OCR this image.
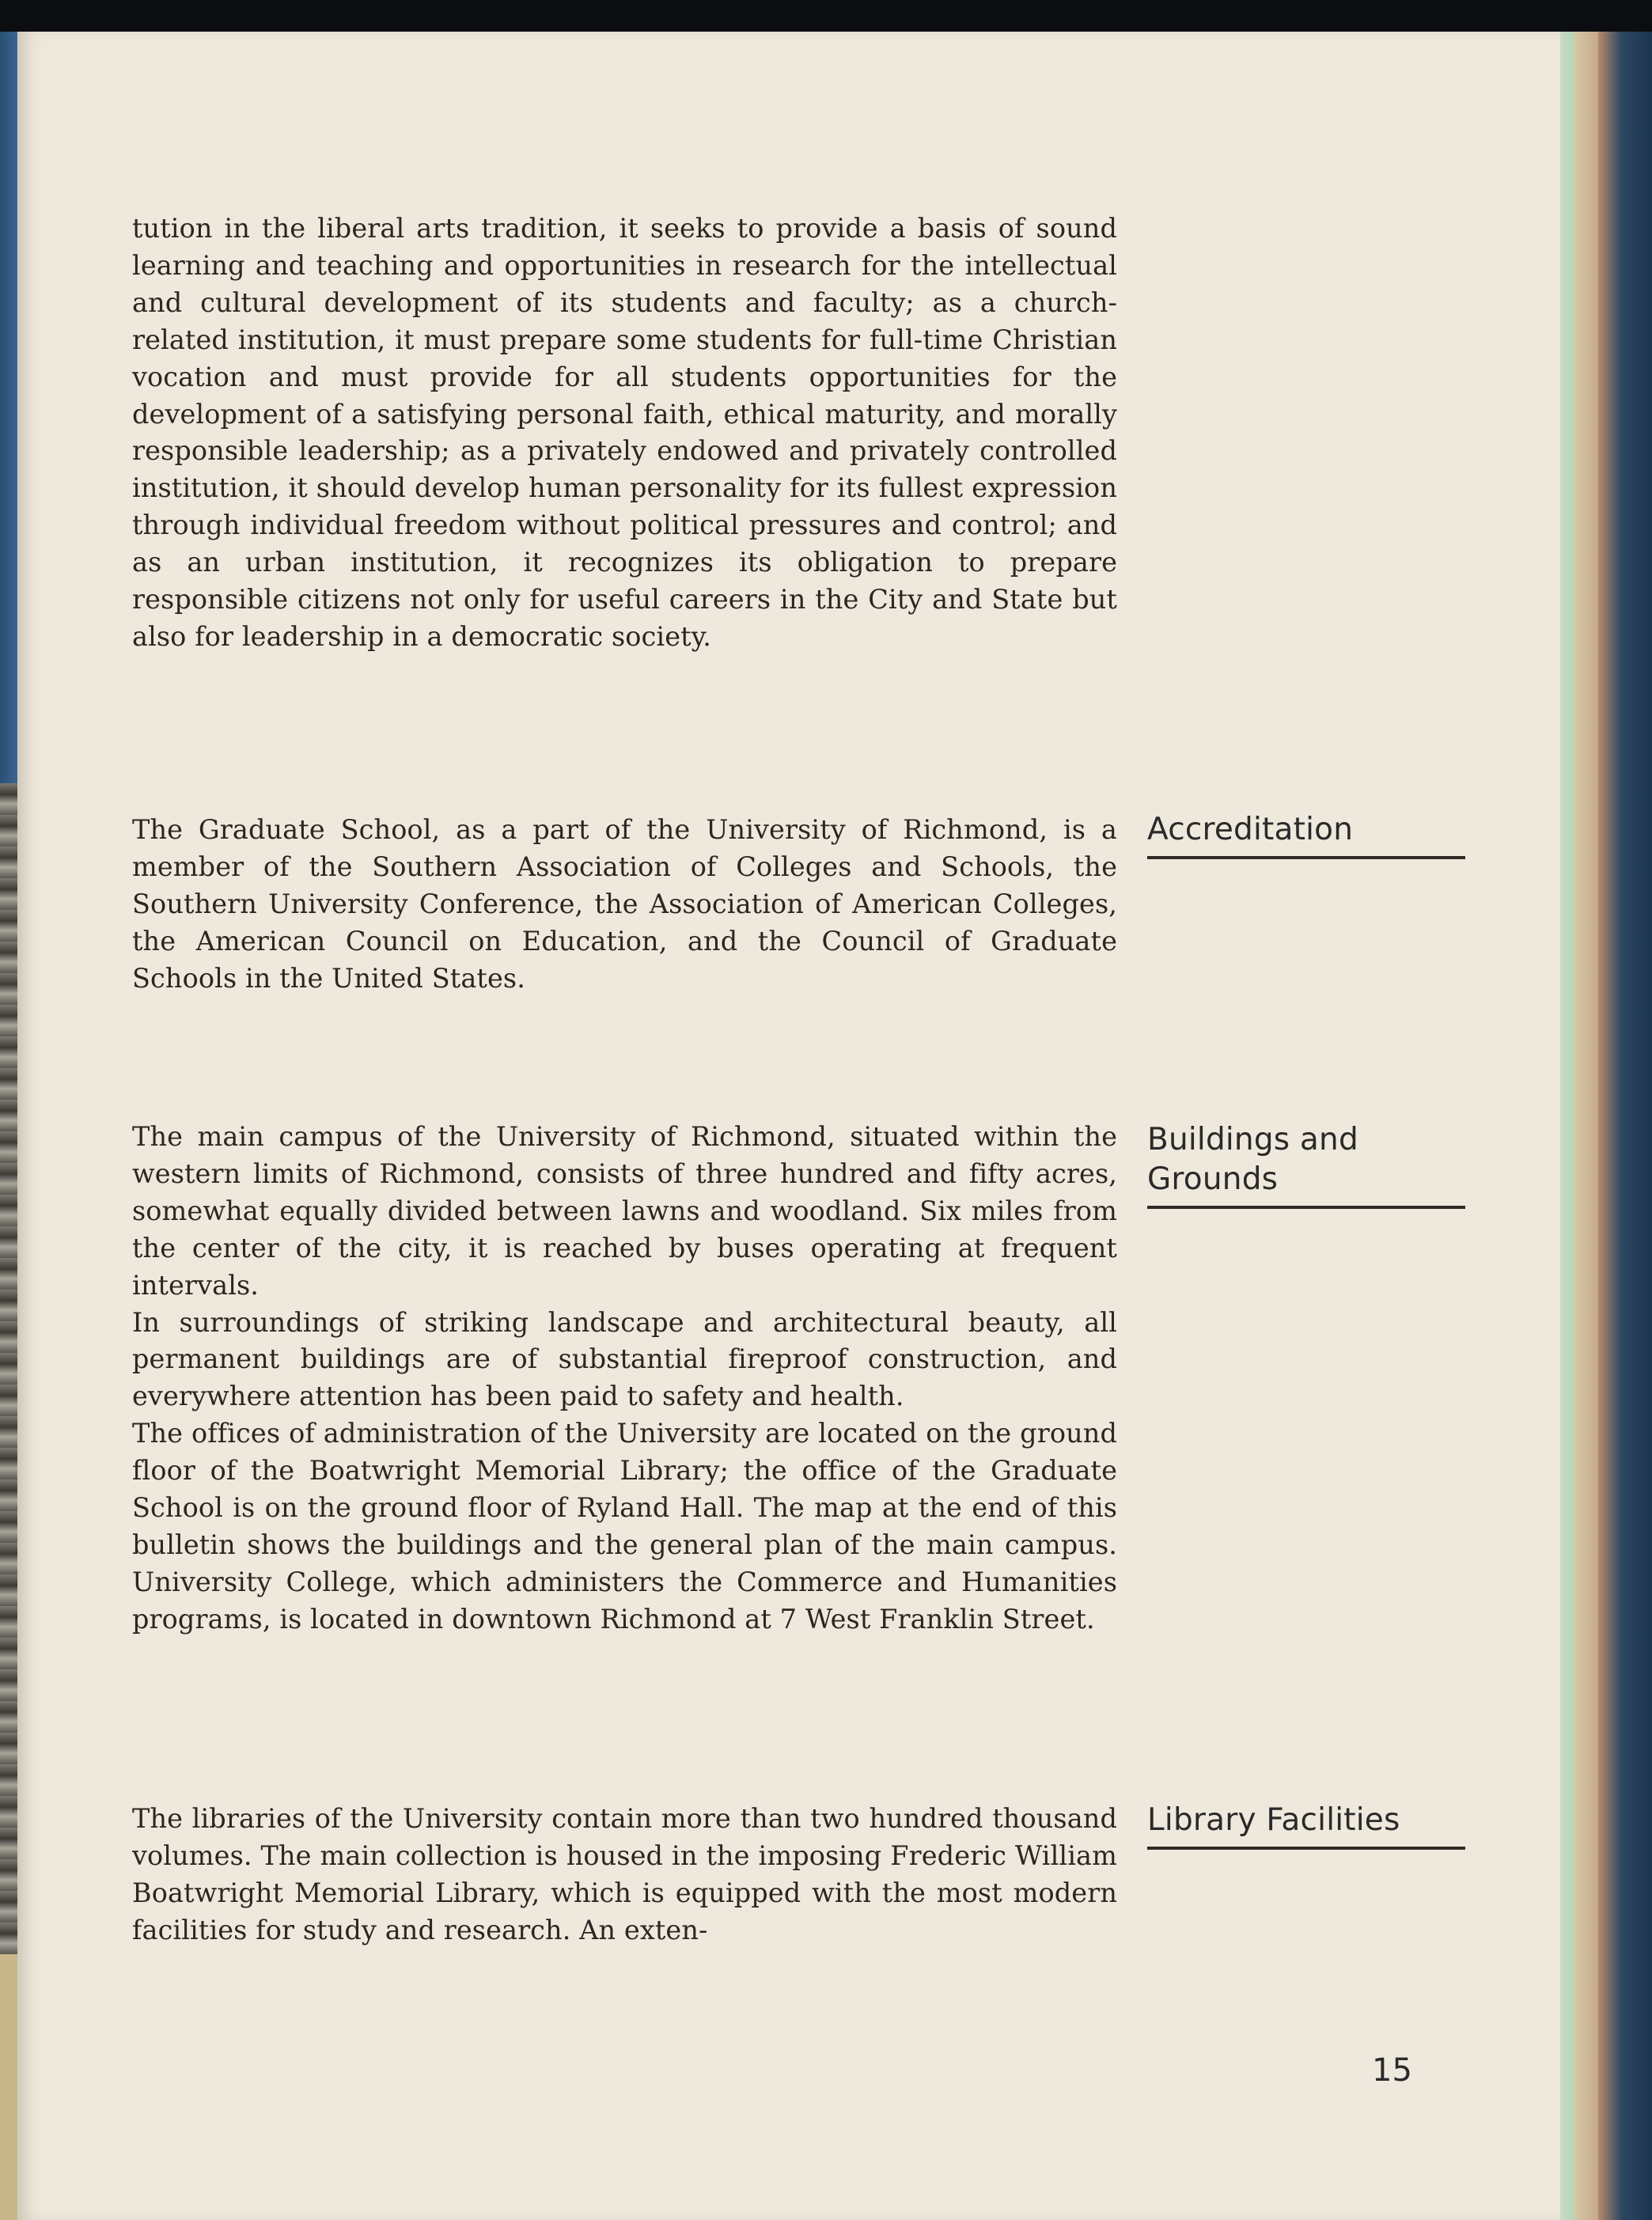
tution in the liberal arts tradition, it seeks to provide a basis of sound learning and teaching and opportunities in research for the intellectual and cultural development of its students and faculty; as a church-related institution, it must prepare some students for full-time Christian vocation and must provide for all students opportunities for the development of a satisfying personal faith, ethical maturity, and morally responsible leadership; as a privately endowed and privately controlled institution, it should develop human personality for its fullest expression through individual freedom without political pressures and control; and as an urban institution, it recognizes its obligation to prepare responsible citizens not only for useful careers in the City and State but also for leadership in a democratic society.

The Graduate School, as a part of the University of Richmond, is a member of the Southern Association of Colleges and Schools, the Southern University Conference, the Association of American Colleges, the American Council on Education, and the Council of Graduate Schools in the United States.

Accreditation

The main campus of the University of Richmond, situated within the western limits of Richmond, consists of three hundred and fifty acres, somewhat equally divided between lawns and woodland. Six miles from the center of the city, it is reached by buses operating at frequent intervals.

In surroundings of striking landscape and architectural beauty, all permanent buildings are of substantial fireproof construction, and everywhere attention has been paid to safety and health.

The offices of administration of the University are located on the ground floor of the Boatwright Memorial Library; the office of the Graduate School is on the ground floor of Ryland Hall. The map at the end of this bulletin shows the buildings and the general plan of the main campus. University College, which administers the Commerce and Humanities programs, is located in downtown Richmond at 7 West Franklin Street.

Buildings and
Grounds

The libraries of the University contain more than two hundred thousand volumes. The main collection is housed in the imposing Frederic William Boatwright Memorial Library, which is equipped with the most modern facilities for study and research. An exten-

Library Facilities
15
